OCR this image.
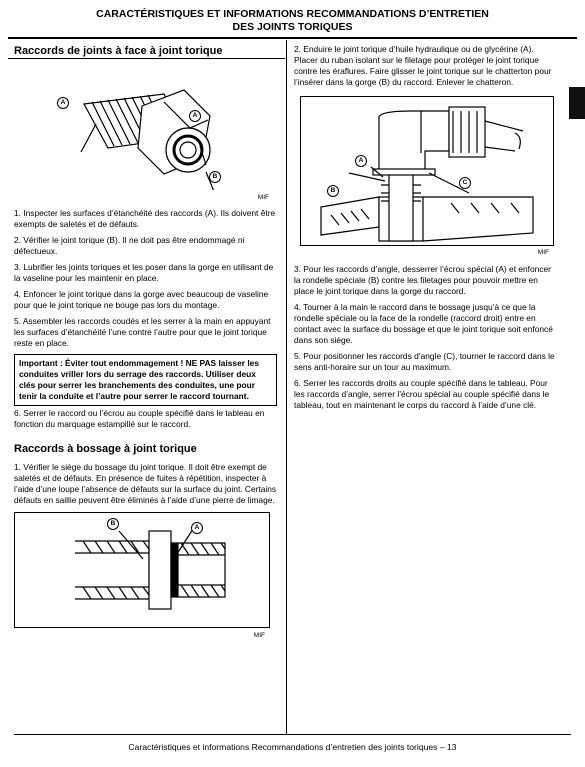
CARACTÉRISTIQUES ET INFORMATIONS RECOMMANDATIONS D’ENTRETIEN
DES JOINTS TORIQUES
Raccords de joints à face à joint torique
A
A
B
MIF

1. Inspecter les surfaces d’étanchéité des raccords (A). Ils doivent être exempts de saletés et de défauts.

2. Vérifier le joint torique (B). Il ne doit pas être endommagé ni défectueux.

3. Lubrifier les joints toriques et les poser dans la gorge en utilisant de la vaseline pour les maintenir en place.

4. Enfoncer le joint torique dans la gorge avec beaucoup de vaseline pour que le joint torique ne bouge pas lors du montage.

5. Assembler les raccords coudés et les serrer à la main en appuyant les surfaces d’étanchéité l’une contre l’autre pour que le joint torique reste en place.

Important : Éviter tout endommagement ! NE PAS laisser les conduites vriller lors du serrage des raccords. Utiliser deux clés pour serrer les branchements des conduites, une pour tenir la conduite et l’autre pour serrer le raccord tournant.

6. Serrer le raccord ou l’écrou au couple spécifié dans le tableau en fonction du marquage estampillé sur le raccord.

Raccords à bossage à joint torique

1. Vérifier le siège du bossage du joint torique. Il doit être exempt de saletés et de défauts. En présence de fuites à répétition, inspecter à l’aide d’une loupe l’absence de défauts sur la surface du joint. Certains défauts en saillie peuvent être éliminés à l’aide d’une pierre de limage.

B
A
MIF

2. Enduire le joint torique d’huile hydraulique ou de glycérine (A). Placer du ruban isolant sur le filetage pour protéger le joint torique contre les éraflures. Faire glisser le joint torique sur le chatterton pour l’insérer dans la gorge (B) du raccord. Enlever le chatteron.

A
B
C
MIF

3. Pour les raccords d’angle, desserrer l’écrou spécial (A) et enfoncer la rondelle spéciale (B) contre les filetages pour pouvoir mettre en place le joint torique dans la gorge du raccord.

4. Tourner à la main le raccord dans le bossage jusqu’à ce que la rondelle spéciale ou la face de la rondelle (raccord droit) entre en contact avec la surface du bossage et que le joint torique soit enfoncé dans son siège.

5. Pour positionner les raccords d’angle (C), tourner le raccord dans le sens anti-horaire sur un tour au maximum.

6. Serrer les raccords droits au couple spécifié dans le tableau. Pour les raccords d’angle, serrer l’écrou spécial au couple spécifié dans le tableau, tout en maintenant le corps du raccord à l’aide d’une clé.

Caractéristiques et informations Recommandations d’entretien des joints toriques – 13
